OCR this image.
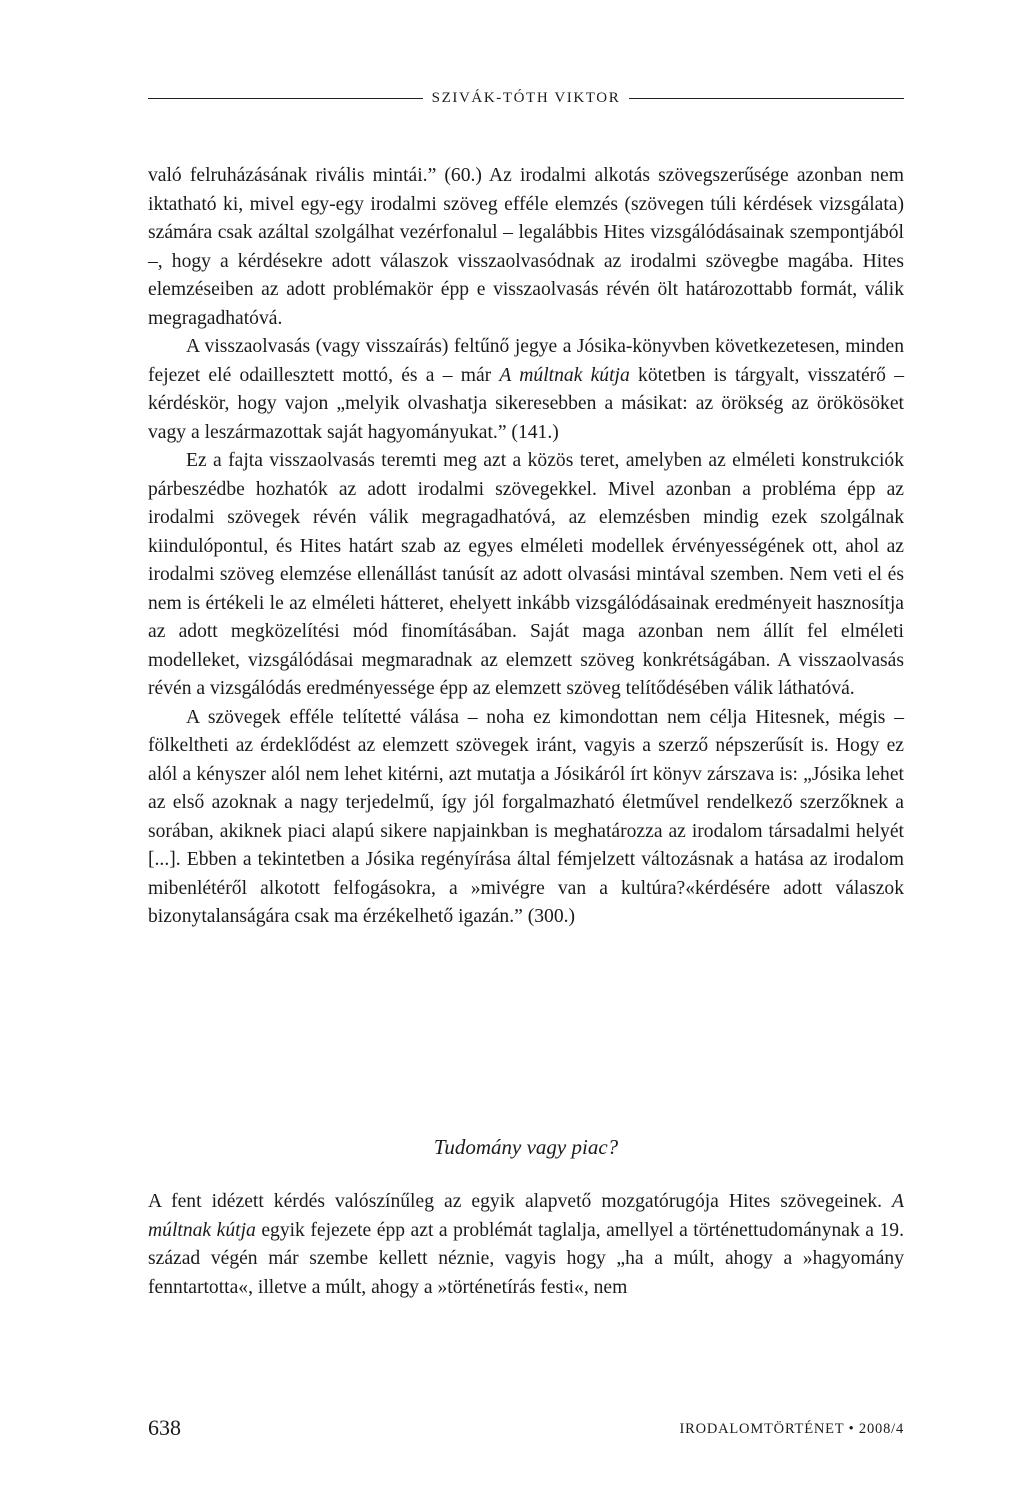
SZIVÁK-TÓTH VIKTOR

való felruházásának rivális mintái.” (60.) Az irodalmi alkotás szövegszerűsége azonban nem iktatható ki, mivel egy-egy irodalmi szöveg efféle elemzés (szövegen túli kérdések vizsgálata) számára csak azáltal szolgálhat vezérfonalul – legalábbis Hites vizsgálódásainak szempontjából –, hogy a kérdésekre adott válaszok visszaolvasódnak az irodalmi szövegbe magába. Hites elemzéseiben az adott problémakör épp e visszaolvasás révén ölt határozottabb formát, válik megragadhatóvá.

A visszaolvasás (vagy visszaírás) feltűnő jegye a Jósika-könyvben következetesen, minden fejezet elé odaillesztett mottó, és a – már A múltnak kútja kötetben is tárgyalt, visszatérő – kérdéskör, hogy vajon „melyik olvashatja sikeresebben a másikat: az örökség az örökösöket vagy a leszármazottak saját hagyományukat.” (141.)

Ez a fajta visszaolvasás teremti meg azt a közös teret, amelyben az elméleti konstrukciók párbeszédbe hozhatók az adott irodalmi szövegekkel. Mivel azonban a probléma épp az irodalmi szövegek révén válik megragadhatóvá, az elemzésben mindig ezek szolgálnak kiindulópontul, és Hites határt szab az egyes elméleti modellek érvényességének ott, ahol az irodalmi szöveg elemzése ellenállást tanúsít az adott olvasási mintával szemben. Nem veti el és nem is értékeli le az elméleti hátteret, ehelyett inkább vizsgálódásainak eredményeit hasznosítja az adott megközelítési mód finomításában. Saját maga azonban nem állít fel elméleti modelleket, vizsgálódásai megmaradnak az elemzett szöveg konkrétságában. A visszaolvasás révén a vizsgálódás eredményessége épp az elemzett szöveg telítődésében válik láthatóvá.

A szövegek efféle telítetté válása – noha ez kimondottan nem célja Hitesnek, mégis – fölkeltheti az érdeklődést az elemzett szövegek iránt, vagyis a szerző népszerűsít is. Hogy ez alól a kényszer alól nem lehet kitérni, azt mutatja a Jósikáról írt könyv zárszava is: „Jósika lehet az első azoknak a nagy terjedelmű, így jól forgalmazható életművel rendelkező szerzőknek a sorában, akiknek piaci alapú sikere napjainkban is meghatározza az irodalom társadalmi helyét [...]. Ebben a tekintetben a Jósika regényírása által fémjelzett változásnak a hatása az irodalom mibenlétéről alkotott felfogásokra, a »mivégre van a kultúra?«kérdésére adott válaszok bizonytalanságára csak ma érzékelhető igazán.” (300.)

Tudomány vagy piac?

A fent idézett kérdés valószínűleg az egyik alapvető mozgatórugója Hites szövegeinek. A múltnak kútja egyik fejezete épp azt a problémát taglalja, amellyel a történettudománynak a 19. század végén már szembe kellett néznie, vagyis hogy „ha a múlt, ahogy a »hagyomány fenntartotta«, illetve a múlt, ahogy a »történetírás festi«, nem

638	IRODALOMTÖRTÉNET • 2008/4
